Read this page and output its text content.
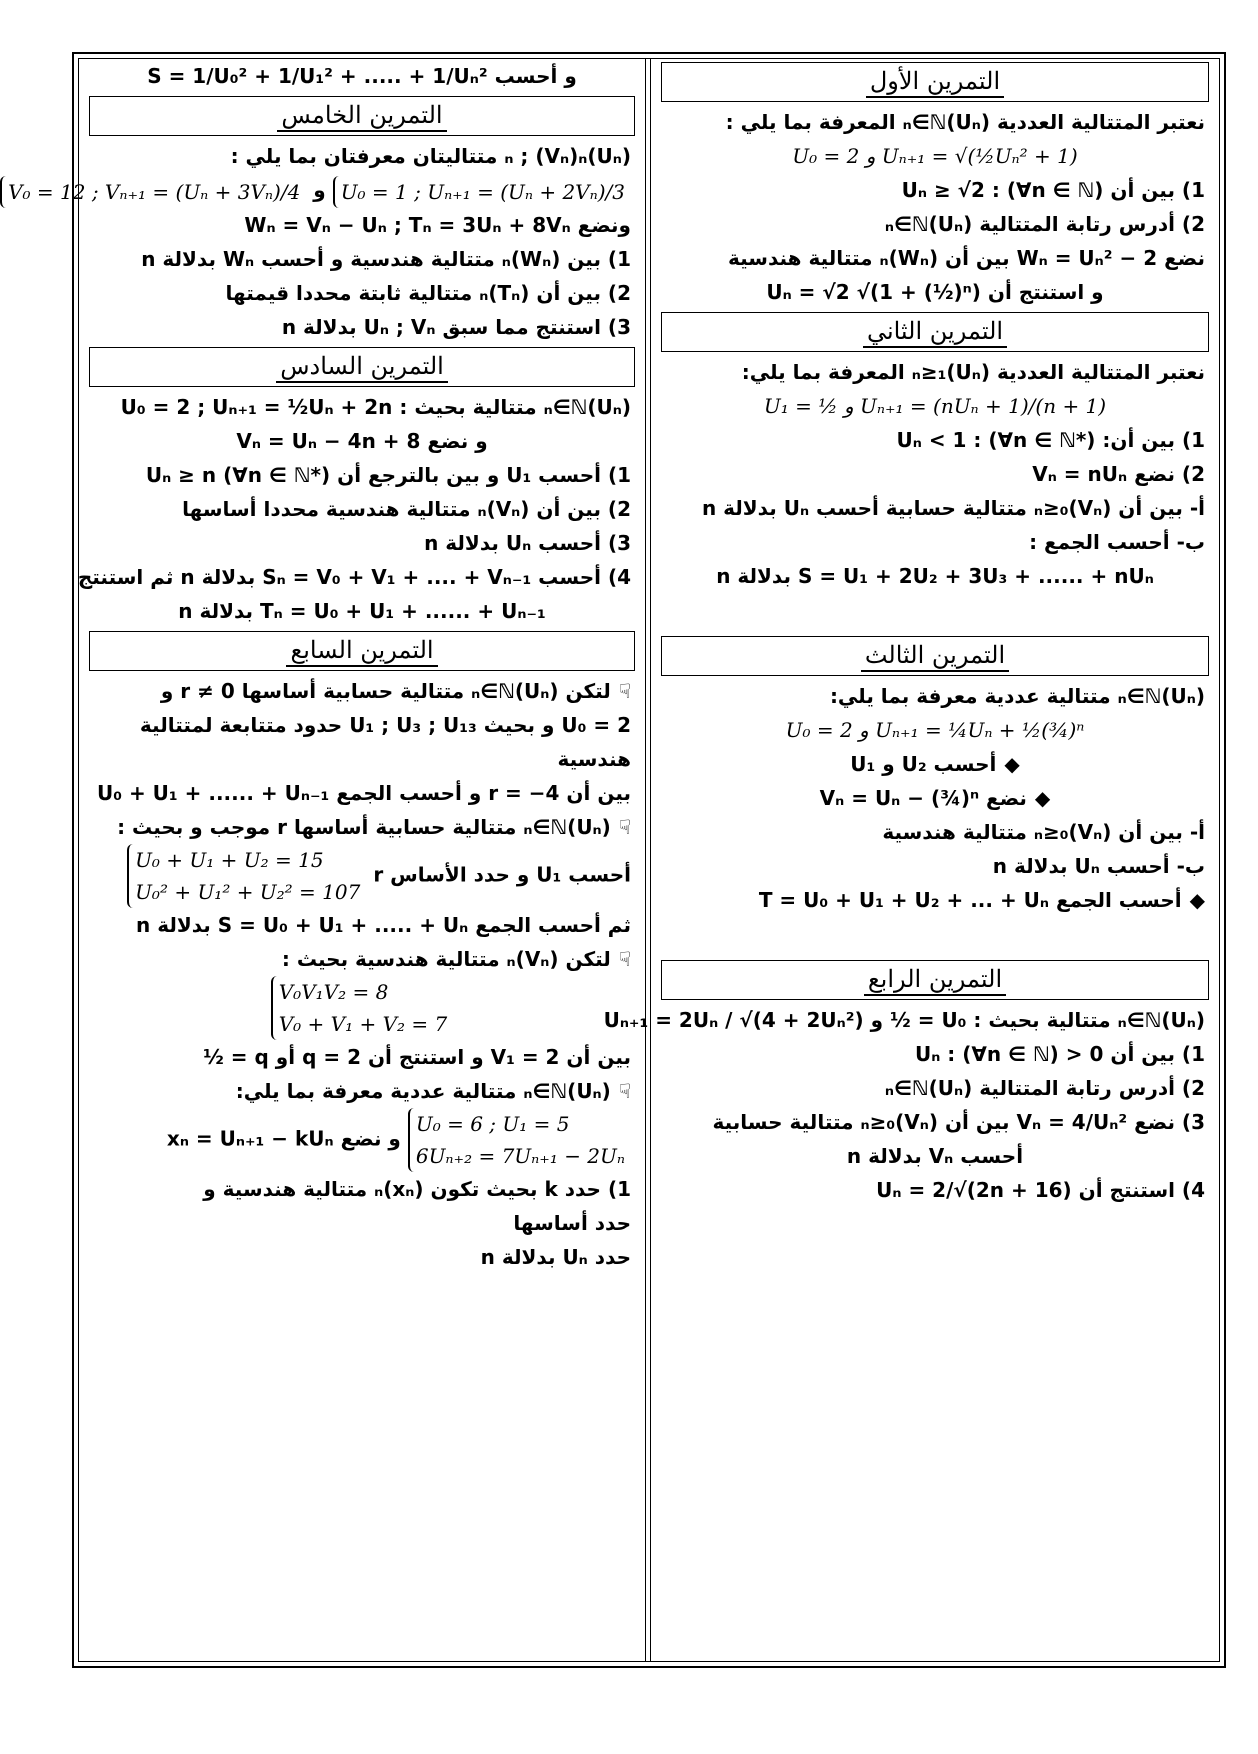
التمرين الأول
نعتبر المتتالية العددية (Uₙ)ₙ∈ℕ المعرفة بما يلي :
U₀ = 2 و Uₙ₊₁ = √(½Uₙ² + 1)
1) بين أن Uₙ ≥ √2 : (∀n ∈ ℕ)
2) أدرس رتابة المتتالية (Uₙ)ₙ∈ℕ
نضع Wₙ = Uₙ² − 2 بين أن (Wₙ)ₙ متتالية هندسية
و استنتج أن Uₙ = √2 √(1 + (½)ⁿ)
التمرين الثاني
نعتبر المتتالية العددية (Uₙ)ₙ≥₁ المعرفة بما يلي:
U₁ = ½ و Uₙ₊₁ = (nUₙ + 1)/(n + 1)
1) بين أن: Uₙ < 1 : (∀n ∈ ℕ*)
2) نضع Vₙ = nUₙ
أ- بين أن (Vₙ)ₙ≥₀ متتالية حسابية أحسب Uₙ بدلالة n
ب- أحسب الجمع :
S = U₁ + 2U₂ + 3U₃ + ...... + nUₙ بدلالة n
التمرين الثالث
(Uₙ)ₙ∈ℕ متتالية عددية معرفة بما يلي:
U₀ = 2 و Uₙ₊₁ = ¼Uₙ + ½(¾)ⁿ
◆أحسب U₂ و U₁
◆نضع Vₙ = Uₙ − (¾)ⁿ
أ- بين أن (Vₙ)ₙ≥₀ متتالية هندسية
ب- أحسب Uₙ بدلالة n
◆أحسب الجمع T = U₀ + U₁ + U₂ + ... + Uₙ
التمرين الرابع
(Uₙ)ₙ∈ℕ متتالية بحيث : U₀ = ½ و Uₙ₊₁ = 2Uₙ / √(4 + 2Uₙ²)
1) بين أن 0 < Uₙ : (∀n ∈ ℕ)
2) أدرس رتابة المتتالية (Uₙ)ₙ∈ℕ
3) نضع Vₙ = 4/Uₙ² بين أن (Vₙ)ₙ≥₀ متتالية حسابية
أحسب Vₙ بدلالة n
4) استنتج أن Uₙ = 2/√(2n + 16)
و أحسب S = 1/U₀² + 1/U₁² + ..... + 1/Uₙ²
التمرين الخامس
(Uₙ)ₙ ; (Vₙ)ₙ متتاليتان معرفتان بما يلي :
U₀ = 1 ; Uₙ₊₁ = (Uₙ + 2Vₙ)/3 و V₀ = 12 ; Vₙ₊₁ = (Uₙ + 3Vₙ)/4
ونضع Wₙ = Vₙ − Uₙ ; Tₙ = 3Uₙ + 8Vₙ
1) بين (Wₙ)ₙ متتالية هندسية و أحسب Wₙ بدلالة n
2) بين أن (Tₙ)ₙ متتالية ثابتة محددا قيمتها
3) استنتج مما سبق Uₙ ; Vₙ بدلالة n
التمرين السادس
(Uₙ)ₙ∈ℕ متتالية بحيث : U₀ = 2 ; Uₙ₊₁ = ½Uₙ + 2n
و نضع Vₙ = Uₙ − 4n + 8
1) أحسب U₁ و بين بالترجع أن Uₙ ≥ n (∀n ∈ ℕ*)
2) بين أن (Vₙ)ₙ متتالية هندسية محددا أساسها
3) أحسب Uₙ بدلالة n
4) أحسب Sₙ = V₀ + V₁ + .... + Vₙ₋₁ بدلالة n ثم استنتج
Tₙ = U₀ + U₁ + ...... + Uₙ₋₁ بدلالة n
التمرين السابع
☟لتكن (Uₙ)ₙ∈ℕ متتالية حسابية أساسها r ≠ 0 و
U₀ = 2 و بحيث U₁ ; U₃ ; U₁₃ حدود متتابعة لمتتالية
هندسية
بين أن r = −4 و أحسب الجمع U₀ + U₁ + ...... + Uₙ₋₁
☟(Uₙ)ₙ∈ℕ متتالية حسابية أساسها r موجب و بحيث :
أحسب U₁ و حدد الأساس r U₀ + U₁ + U₂ = 15
U₀² + U₁² + U₂² = 107
ثم أحسب الجمع S = U₀ + U₁ + ..... + Uₙ بدلالة n
☟لتكن (Vₙ)ₙ متتالية هندسية بحيث :
V₀V₁V₂ = 8
V₀ + V₁ + V₂ = 7
بين أن V₁ = 2 و استنتج أن q = 2 أو q = ½
☟(Uₙ)ₙ∈ℕ متتالية عددية معرفة بما يلي:
U₀ = 6 ; U₁ = 5
6Uₙ₊₂ = 7Uₙ₊₁ − 2Uₙ و نضع xₙ = Uₙ₊₁ − kUₙ
1) حدد k بحيث تكون (xₙ)ₙ متتالية هندسية و
حدد أساسها
حدد Uₙ بدلالة n
